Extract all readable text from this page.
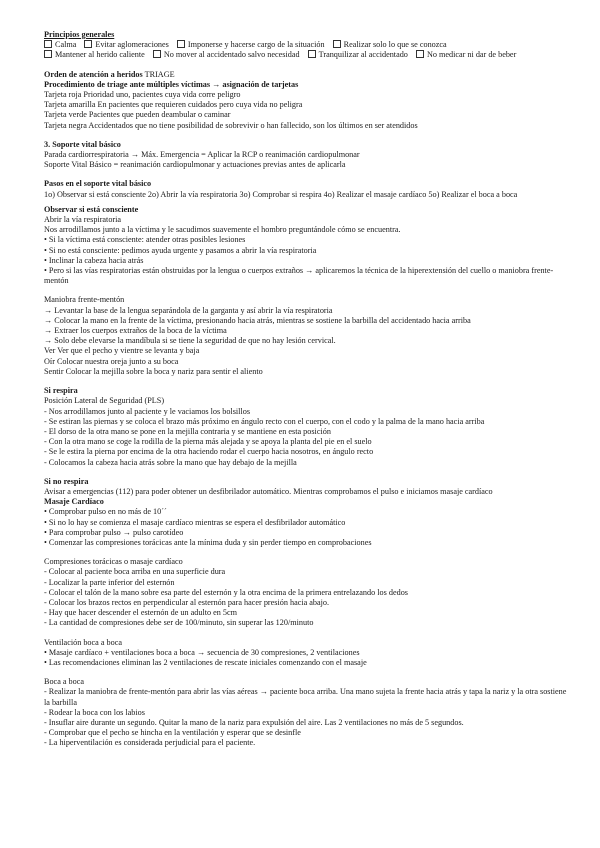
Principios generales
Calma Evitar aglomeraciones Imponerse y hacerse cargo de la situación Realizar solo lo que se conozca
Mantener al herido caliente No mover al accidentado salvo necesidad Tranquilizar al accidentado No medicar ni dar de beber
Orden de atención a heridos TRIAGE
Procedimiento de triage ante múltiples víctimas → asignación de tarjetas
Tarjeta roja Prioridad uno, pacientes cuya vida corre peligro
Tarjeta amarilla En pacientes que requieren cuidados pero cuya vida no peligra
Tarjeta verde Pacientes que pueden deambular o caminar
Tarjeta negra Accidentados que no tiene posibilidad de sobrevivir o han fallecido, son los últimos en ser atendidos
3. Soporte vital básico
Parada cardiorrespiratoria → Máx. Emergencia = Aplicar la RCP o reanimación cardiopulmonar
Soporte Vital Básico = reanimación cardiopulmonar y actuaciones previas antes de aplicarla
Pasos en el soporte vital básico
1o) Observar si está consciente 2o) Abrir la vía respiratoria 3o) Comprobar si respira 4o) Realizar el masaje cardíaco 5o) Realizar el boca a boca
Observar si está consciente
Abrir la vía respiratoria
Nos arrodillamos junto a la víctima y le sacudimos suavemente el hombro preguntándole cómo se encuentra.
• Si la víctima está consciente: atender otras posibles lesiones
• Si no está consciente: pedimos ayuda urgente y pasamos a abrir la vía respiratoria
• Inclinar la cabeza hacia atrás
• Pero si las vías respiratorias están obstruidas por la lengua o cuerpos extraños → aplicaremos la técnica de la hiperextensión del cuello o maniobra frente-mentón
Maniobra frente-mentón
→ Levantar la base de la lengua separándola de la garganta y así abrir la vía respiratoria
→ Colocar la mano en la frente de la víctima, presionando hacia atrás, mientras se sostiene la barbilla del accidentado hacia arriba
→ Extraer los cuerpos extraños de la boca de la víctima
→ Solo debe elevarse la mandíbula si se tiene la seguridad de que no hay lesión cervical.
Ver Ver que el pecho y vientre se levanta y baja
Oír Colocar nuestra oreja junto a su boca
Sentir Colocar la mejilla sobre la boca y nariz para sentir el aliento
Si respira
Posición Lateral de Seguridad (PLS)
- Nos arrodillamos junto al paciente y le vaciamos los bolsillos
- Se estiran las piernas y se coloca el brazo más próximo en ángulo recto con el cuerpo, con el codo y la palma de la mano hacia arriba
- El dorso de la otra mano se pone en la mejilla contraria y se mantiene en esta posición
- Con la otra mano se coge la rodilla de la pierna más alejada y se apoya la planta del pie en el suelo
- Se le estira la pierna por encima de la otra haciendo rodar el cuerpo hacia nosotros, en ángulo recto
- Colocamos la cabeza hacia atrás sobre la mano que hay debajo de la mejilla
Si no respira
Avisar a emergencias (112) para poder obtener un desfibrilador automático. Mientras comprobamos el pulso e iniciamos masaje cardíaco
Masaje Cardíaco
• Comprobar pulso en no más de 10´´
• Si no lo hay se comienza el masaje cardíaco mientras se espera el desfibrilador automático
• Para comprobar pulso → pulso carotídeo
• Comenzar las compresiones torácicas ante la mínima duda y sin perder tiempo en comprobaciones
Compresiones torácicas o masaje cardíaco
- Colocar al paciente boca arriba en una superficie dura
- Localizar la parte inferior del esternón
- Colocar el talón de la mano sobre esa parte del esternón y la otra encima de la primera entrelazando los dedos
- Colocar los brazos rectos en perpendicular al esternón para hacer presión hacia abajo.
- Hay que hacer descender el esternón de un adulto en 5cm
- La cantidad de compresiones debe ser de 100/minuto, sin superar las 120/minuto
Ventilación boca a boca
• Masaje cardíaco + ventilaciones boca a boca → secuencia de 30 compresiones, 2 ventilaciones
• Las recomendaciones eliminan las 2 ventilaciones de rescate iniciales comenzando con el masaje
Boca a boca
- Realizar la maniobra de frente-mentón para abrir las vías aéreas → paciente boca arriba. Una mano sujeta la frente hacia atrás y tapa la nariz y la otra sostiene la barbilla
- Rodear la boca con los labios
- Insuflar aire durante un segundo. Quitar la mano de la nariz para expulsión del aire. Las 2 ventilaciones no más de 5 segundos.
- Comprobar que el pecho se hincha en la ventilación y esperar que se desinfle
- La hiperventilación es considerada perjudicial para el paciente.
